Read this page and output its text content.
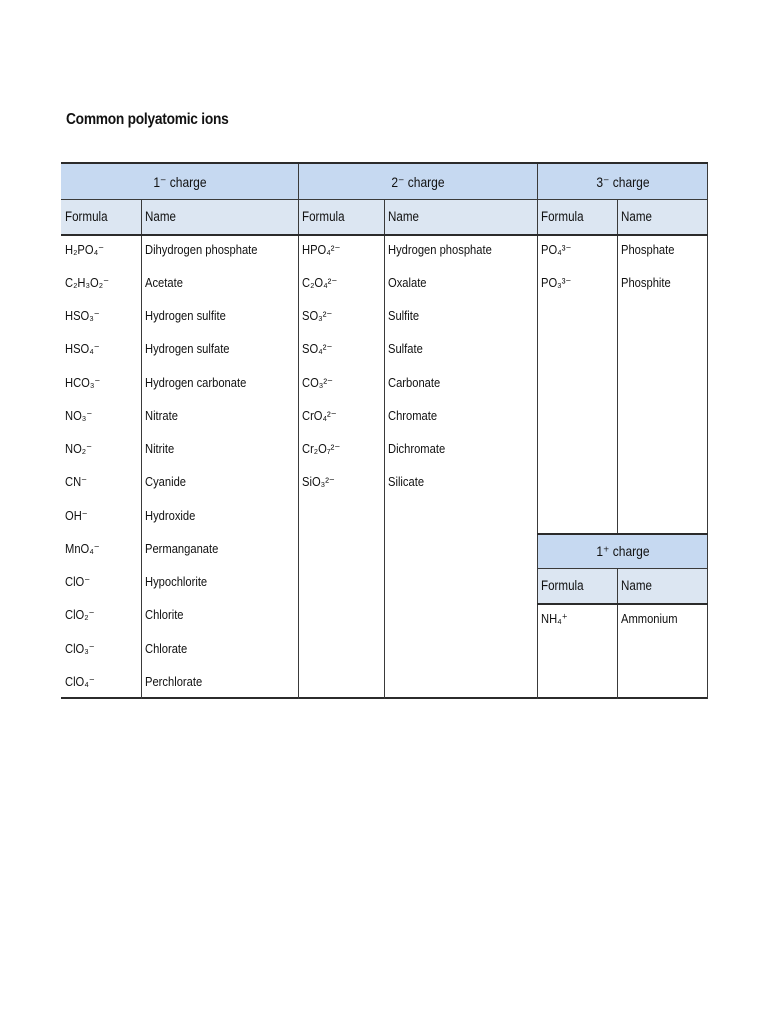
Common polyatomic ions
1⁻ charge
Formula	Name
H₂PO₄⁻	Dihydrogen phosphate
C₂H₃O₂⁻	Acetate
HSO₃⁻	Hydrogen sulfite
HSO₄⁻	Hydrogen sulfate
HCO₃⁻	Hydrogen carbonate
NO₃⁻	Nitrate
NO₂⁻	Nitrite
CN⁻	Cyanide
OH⁻	Hydroxide
MnO₄⁻	Permanganate
ClO⁻	Hypochlorite
ClO₂⁻	Chlorite
ClO₃⁻	Chlorate
ClO₄⁻	Perchlorate
2⁻ charge
Formula	Name
HPO₄²⁻	Hydrogen phosphate
C₂O₄²⁻	Oxalate
SO₃²⁻	Sulfite
SO₄²⁻	Sulfate
CO₃²⁻	Carbonate
CrO₄²⁻	Chromate
Cr₂O₇²⁻	Dichromate
SiO₃²⁻	Silicate
3⁻ charge
Formula	Name
PO₄³⁻	Phosphate
PO₃³⁻	Phosphite
1⁺ charge
Formula	Name
NH₄⁺	Ammonium
